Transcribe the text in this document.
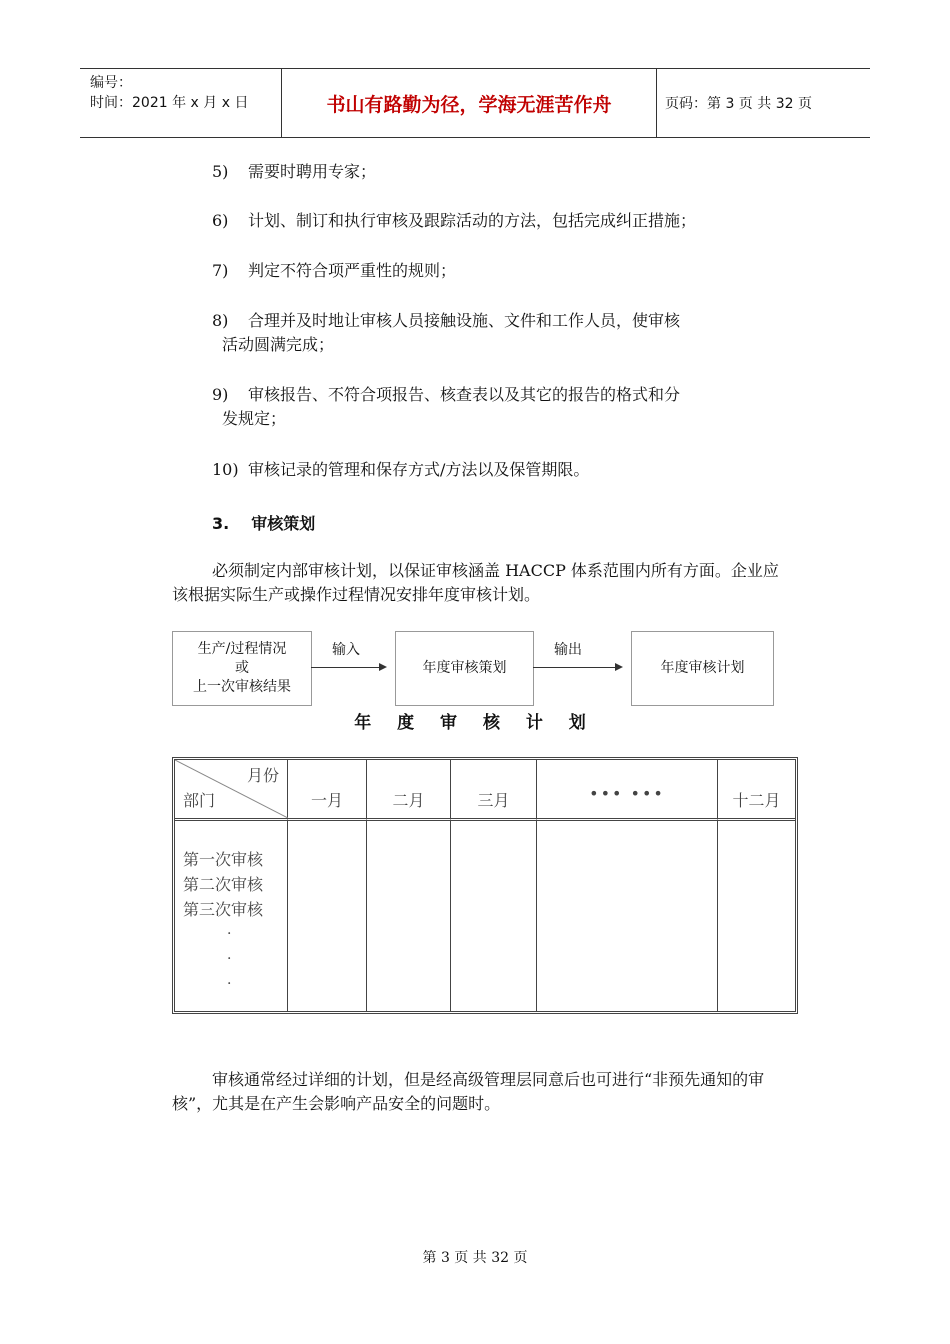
编号：
时间：2021 年 x 月 x 日	书山有路勤为径，学海无涯苦作舟	页码：第 3 页 共 32 页
5) 需要时聘用专家；
6) 计划、制订和执行审核及跟踪活动的方法，包括完成纠正措施；
7) 判定不符合项严重性的规则；
8) 合理并及时地让审核人员接触设施、文件和工作人员，使审核
活动圆满完成；
9) 审核报告、不符合项报告、核查表以及其它的报告的格式和分
发规定；
10) 审核记录的管理和保存方式/方法以及保管期限。
3. 审核策划
必须制定内部审核计划，以保证审核涵盖 HACCP 体系范围内所有方面。企业应该根据实际生产或操作过程情况安排年度审核计划。
生产/过程情况
或
上一次审核结果
输入
年度审核策划
输出
年度审核计划
年 度 审 核 计 划
月份
部门	一月	二月	三月	••• •••	十二月
第一次审核
第二次审核
第三次审核
·
·
·
审核通常经过详细的计划，但是经高级管理层同意后也可进行“非预先通知的审核”，尤其是在产生会影响产品安全的问题时。
第 3 页 共 32 页
